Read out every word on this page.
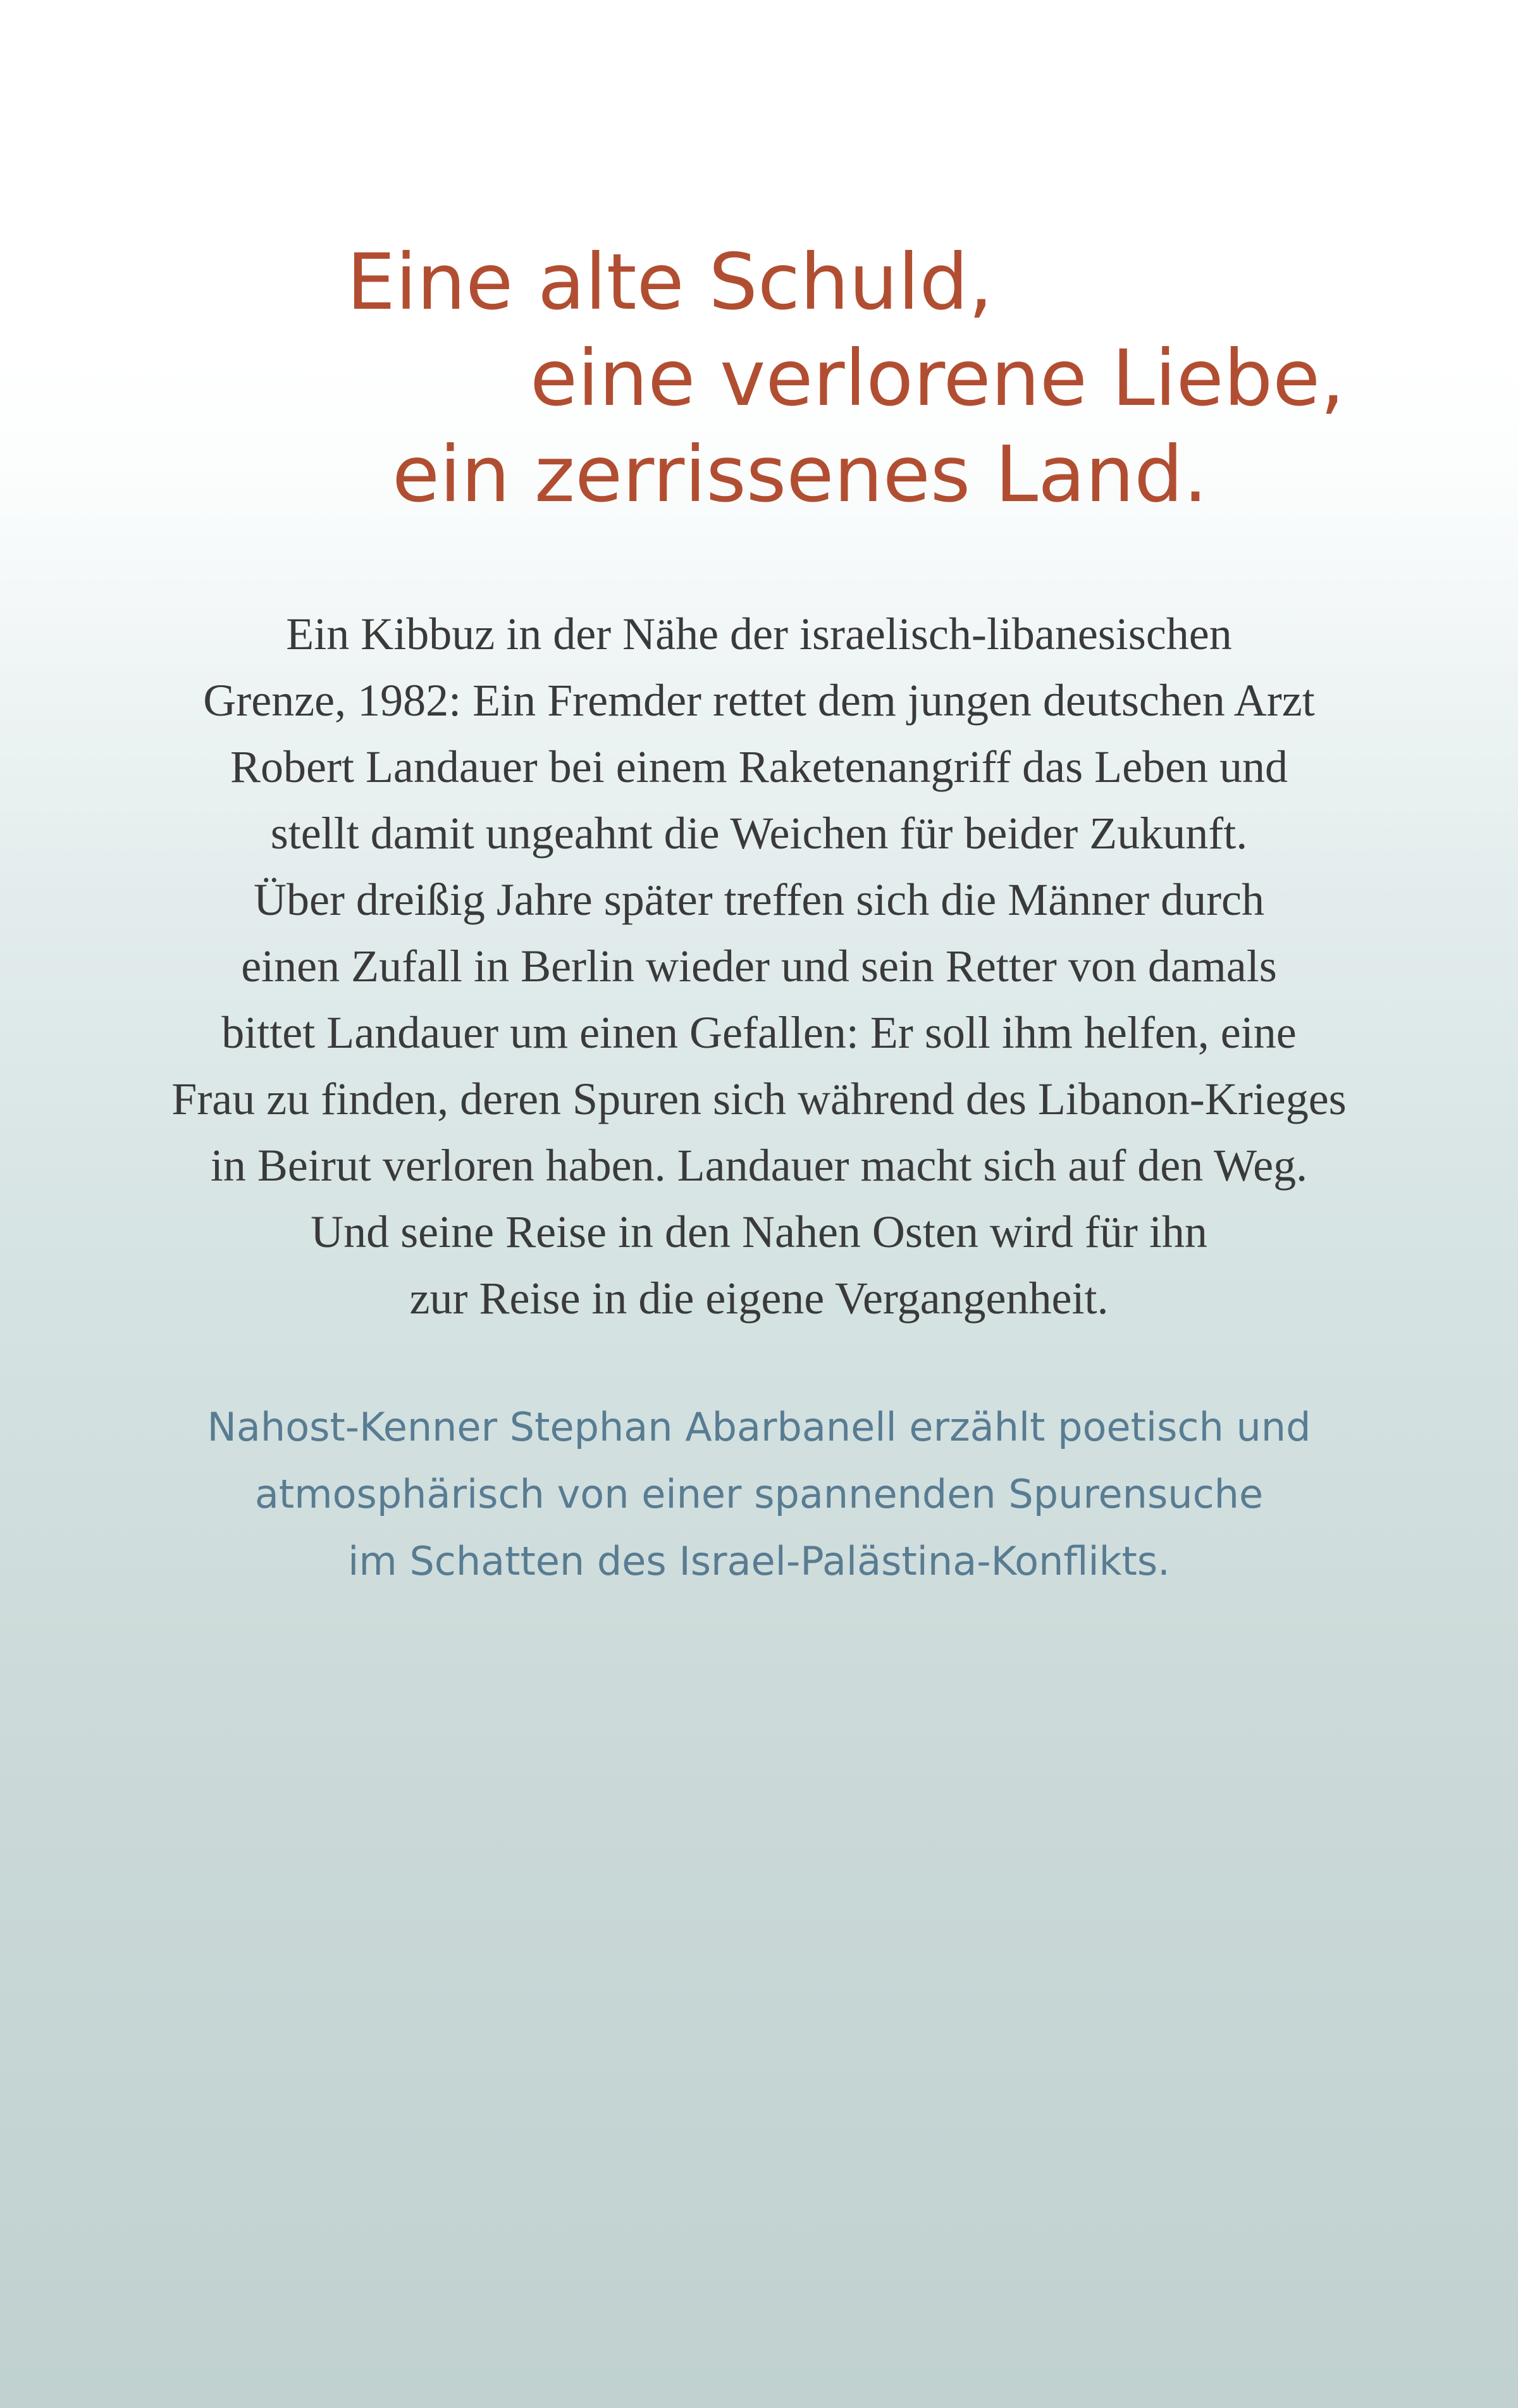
Eine alte Schuld,
eine verlorene Liebe,
ein zerrissenes Land.
Ein Kibbuz in der Nähe der israelisch-libanesischen
Grenze, 1982: Ein Fremder rettet dem jungen deutschen Arzt
Robert Landauer bei einem Raketenangriff das Leben und
stellt damit ungeahnt die Weichen für beider Zukunft.
Über dreißig Jahre später treffen sich die Männer durch
einen Zufall in Berlin wieder und sein Retter von damals
bittet Landauer um einen Gefallen: Er soll ihm helfen, eine
Frau zu finden, deren Spuren sich während des Libanon-Krieges
in Beirut verloren haben. Landauer macht sich auf den Weg.
Und seine Reise in den Nahen Osten wird für ihn
zur Reise in die eigene Vergangenheit.
Nahost-Kenner Stephan Abarbanell erzählt poetisch und
atmosphärisch von einer spannenden Spurensuche
im Schatten des Israel-Palästina-Konflikts.
